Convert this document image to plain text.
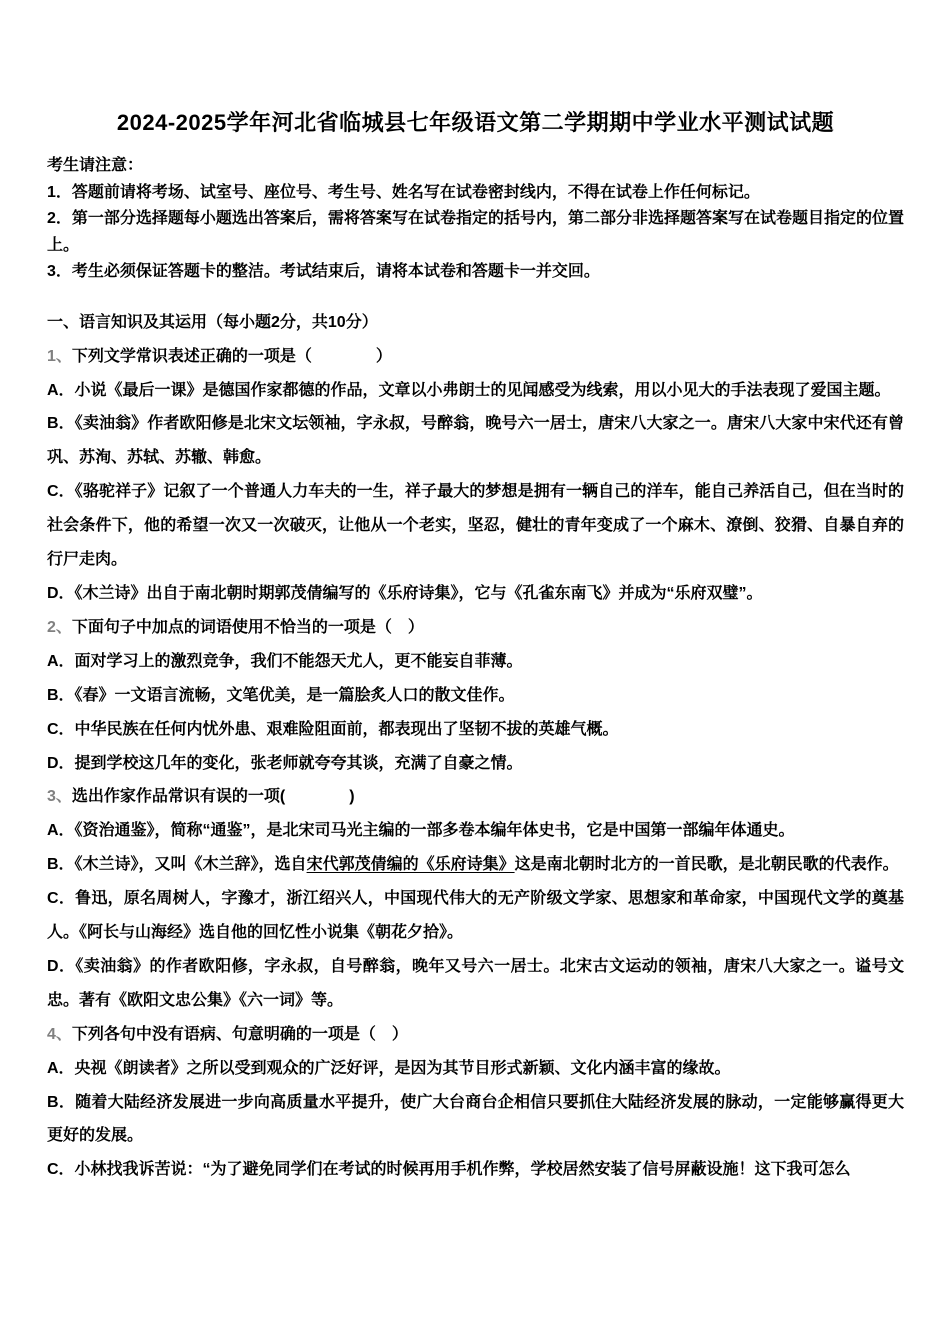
2024-2025学年河北省临城县七年级语文第二学期期中学业水平测试试题

考生请注意：

1．答题前请将考场、试室号、座位号、考生号、姓名写在试卷密封线内，不得在试卷上作任何标记。

2．第一部分选择题每小题选出答案后，需将答案写在试卷指定的括号内，第二部分非选择题答案写在试卷题目指定的位置上。

3．考生必须保证答题卡的整洁。考试结束后，请将本试卷和答题卡一并交回。

一、语言知识及其运用（每小题2分，共10分）

1、下列文学常识表述正确的一项是（　　　　）

A．小说《最后一课》是德国作家都德的作品，文章以小弗朗士的见闻感受为线索，用以小见大的手法表现了爱国主题。

B．《卖油翁》作者欧阳修是北宋文坛领袖，字永叔，号醉翁，晚号六一居士，唐宋八大家之一。唐宋八大家中宋代还有曾巩、苏洵、苏轼、苏辙、韩愈。

C．《骆驼祥子》记叙了一个普通人力车夫的一生，祥子最大的梦想是拥有一辆自己的洋车，能自己养活自己，但在当时的社会条件下，他的希望一次又一次破灭，让他从一个老实，坚忍，健壮的青年变成了一个麻木、潦倒、狡猾、自暴自弃的行尸走肉。

D．《木兰诗》出自于南北朝时期郭茂倩编写的《乐府诗集》，它与《孔雀东南飞》并成为“乐府双璧”。

2、下面句子中加点的词语使用不恰当的一项是（　）

A．面对学习上的激烈竞争，我们不能怨天尤人，更不能妄自菲薄。

B．《春》一文语言流畅，文笔优美，是一篇脍炙人口的散文佳作。

C．中华民族在任何内忧外患、艰难险阻面前，都表现出了坚韧不拔的英雄气概。

D．提到学校这几年的变化，张老师就夸夸其谈，充满了自豪之情。

3、选出作家作品常识有误的一项(　　　　)

A．《资治通鉴》，简称“通鉴”，是北宋司马光主编的一部多卷本编年体史书，它是中国第一部编年体通史。

B．《木兰诗》，又叫《木兰辞》，选自宋代郭茂倩编的《乐府诗集》这是南北朝时北方的一首民歌，是北朝民歌的代表作。

C．鲁迅，原名周树人，字豫才，浙江绍兴人，中国现代伟大的无产阶级文学家、思想家和革命家，中国现代文学的奠基人。《阿长与山海经》选自他的回忆性小说集《朝花夕拾》。

D．《卖油翁》的作者欧阳修，字永叔，自号醉翁，晚年又号六一居士。北宋古文运动的领袖，唐宋八大家之一。谥号文忠。著有《欧阳文忠公集》《六一词》等。

4、下列各句中没有语病、句意明确的一项是（　）

A．央视《朗读者》之所以受到观众的广泛好评，是因为其节目形式新颖、文化内涵丰富的缘故。

B．随着大陆经济发展进一步向高质量水平提升，使广大台商台企相信只要抓住大陆经济发展的脉动，一定能够赢得更大更好的发展。

C．小林找我诉苦说：“为了避免同学们在考试的时候再用手机作弊，学校居然安装了信号屏蔽设施！这下我可怎么
